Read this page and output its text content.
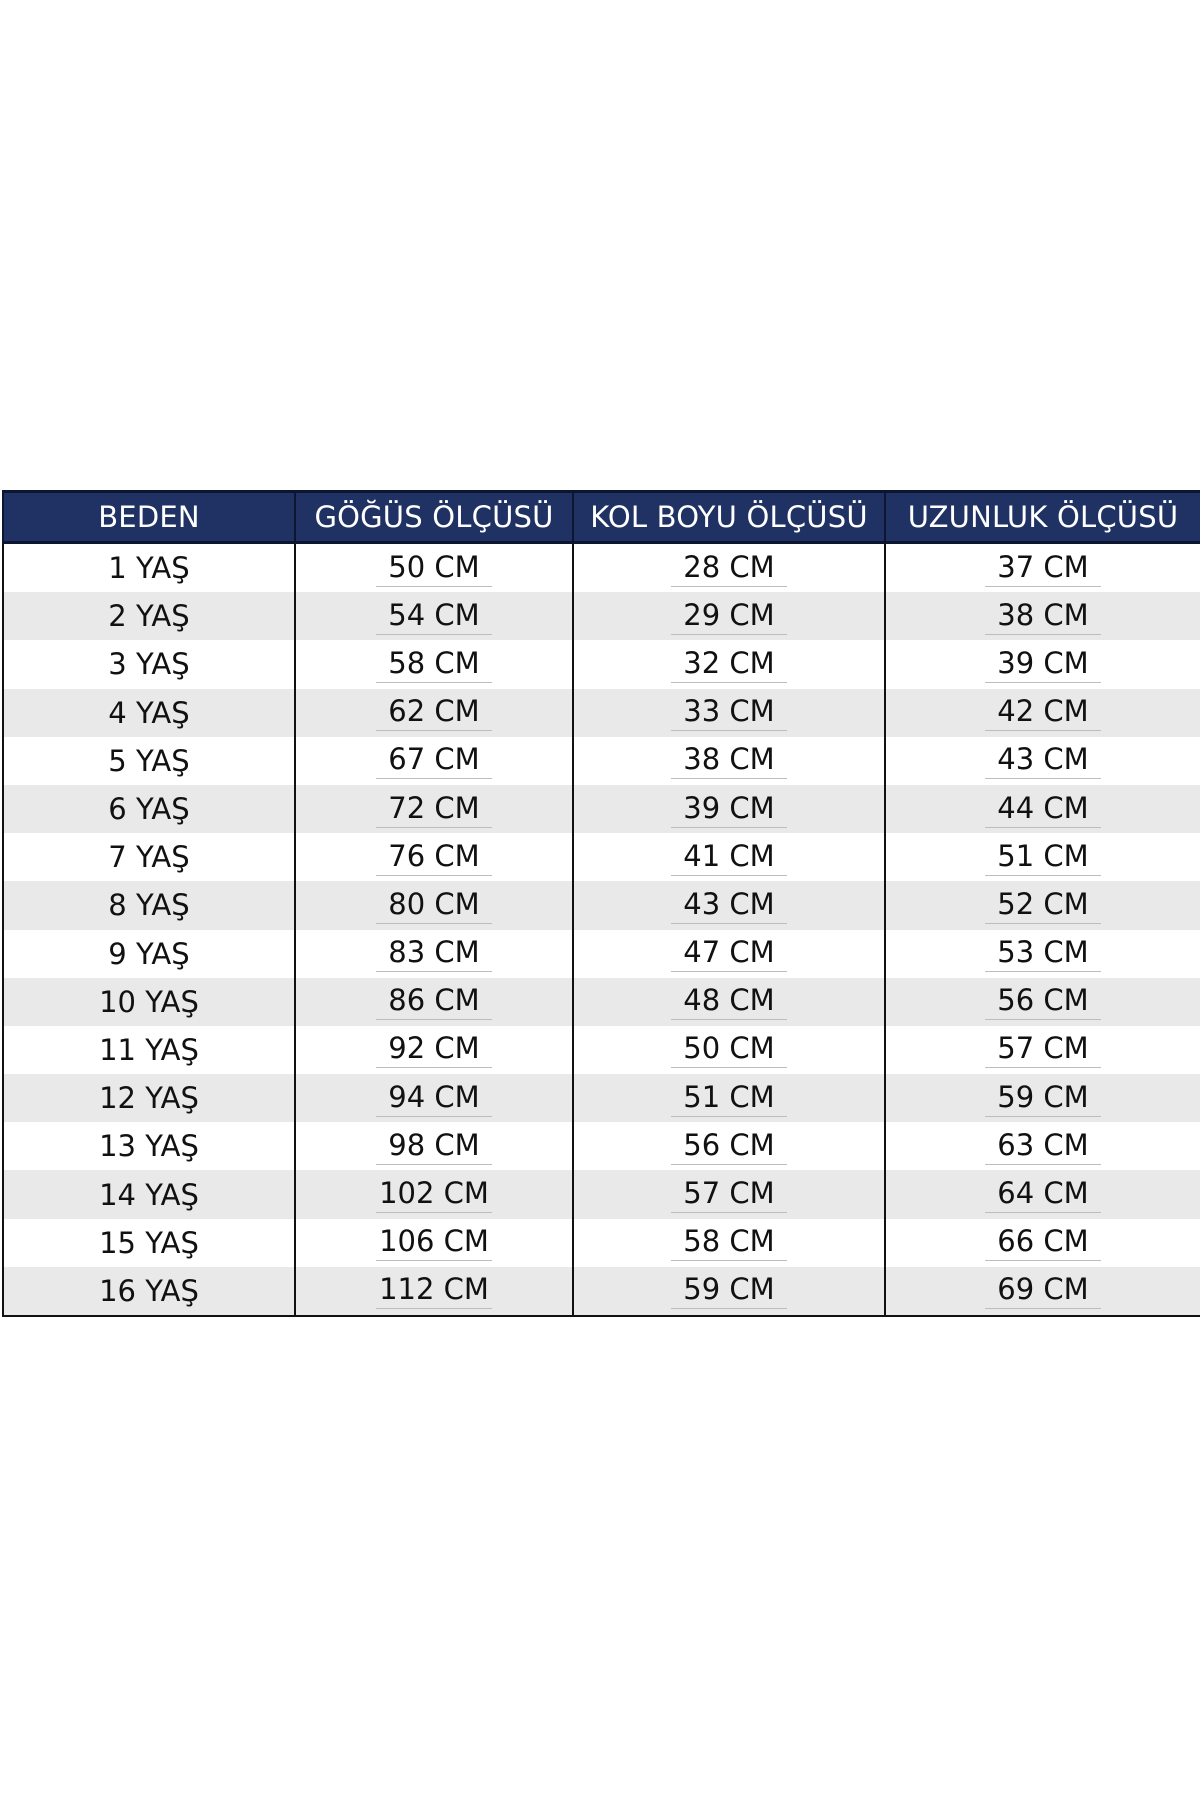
BEDEN	GÖĞÜS ÖLÇÜSÜ	KOL BOYU ÖLÇÜSÜ	UZUNLUK ÖLÇÜSÜ
1 YAŞ	50 CM	28 CM	37 CM
2 YAŞ	54 CM	29 CM	38 CM
3 YAŞ	58 CM	32 CM	39 CM
4 YAŞ	62 CM	33 CM	42 CM
5 YAŞ	67 CM	38 CM	43 CM
6 YAŞ	72 CM	39 CM	44 CM
7 YAŞ	76 CM	41 CM	51 CM
8 YAŞ	80 CM	43 CM	52 CM
9 YAŞ	83 CM	47 CM	53 CM
10 YAŞ	86 CM	48 CM	56 CM
11 YAŞ	92 CM	50 CM	57 CM
12 YAŞ	94 CM	51 CM	59 CM
13 YAŞ	98 CM	56 CM	63 CM
14 YAŞ	102 CM	57 CM	64 CM
15 YAŞ	106 CM	58 CM	66 CM
16 YAŞ	112 CM	59 CM	69 CM
